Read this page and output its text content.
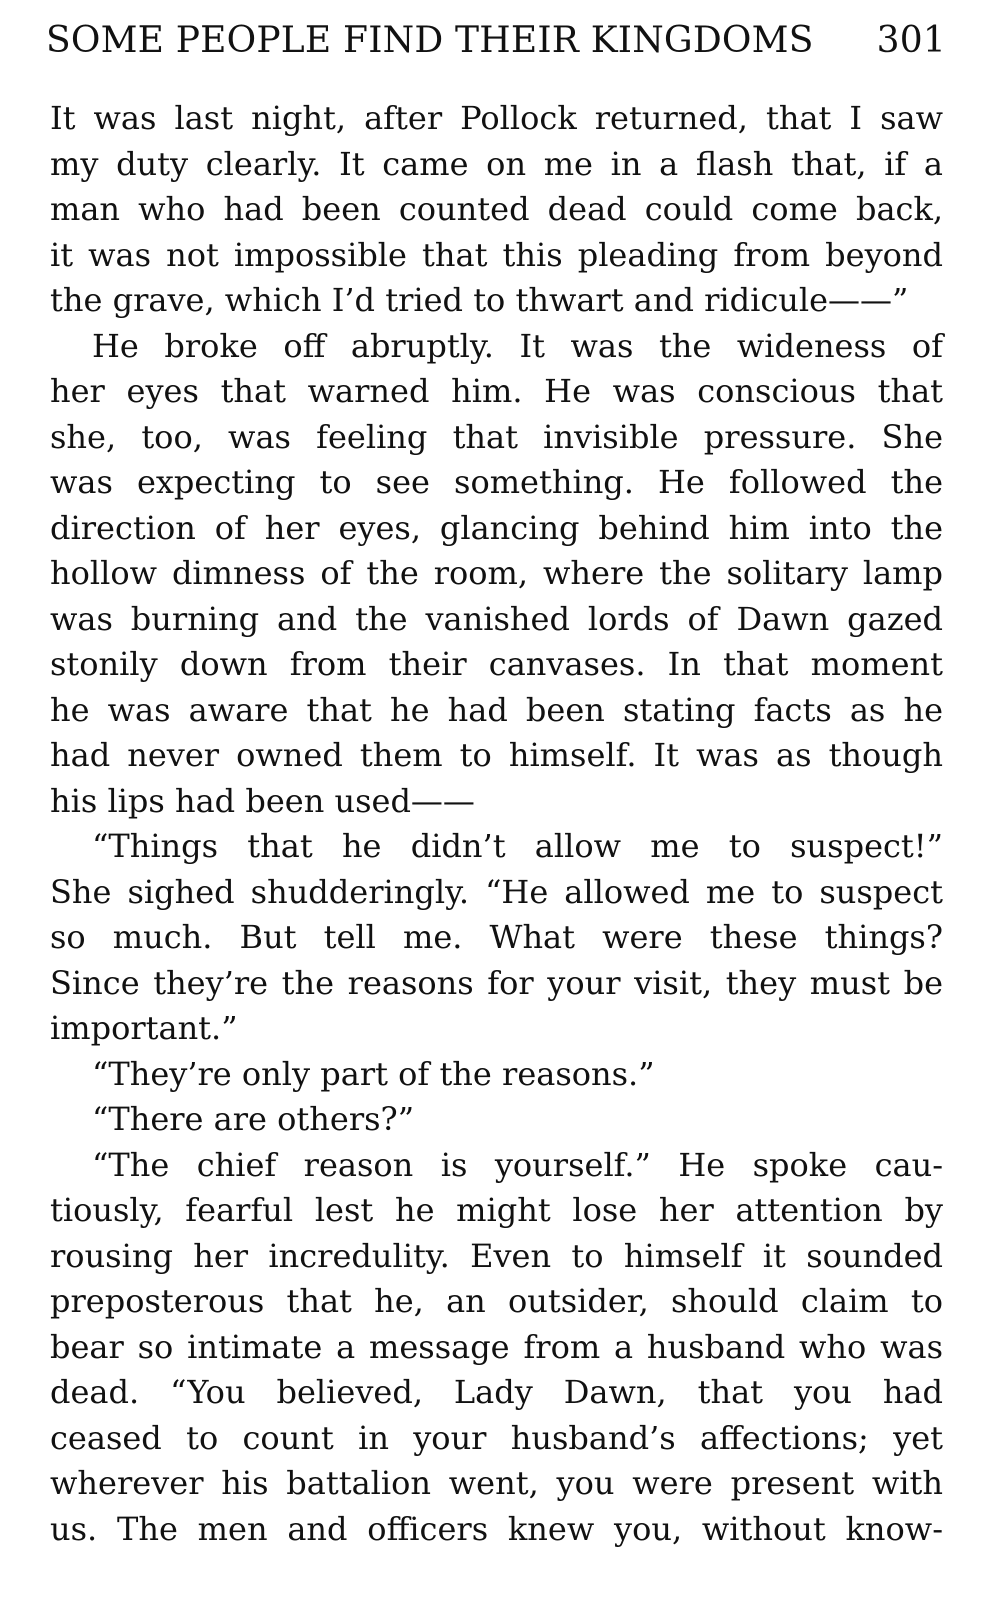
SOME PEOPLE FIND THEIR KINGDOMS 301
It was last night, after Pollock returned, that I saw
my duty clearly. It came on me in a flash that, if a
man who had been counted dead could come back,
it was not impossible that this pleading from beyond
the grave, which I’d tried to thwart and ridicule——”
He broke off abruptly. It was the wideness of
her eyes that warned him. He was conscious that
she, too, was feeling that invisible pressure. She
was expecting to see something. He followed the
direction of her eyes, glancing behind him into the
hollow dimness of the room, where the solitary lamp
was burning and the vanished lords of Dawn gazed
stonily down from their canvases. In that moment
he was aware that he had been stating facts as he
had never owned them to himself. It was as though
his lips had been used——
“Things that he didn’t allow me to suspect!”
She sighed shudderingly. “He allowed me to suspect
so much. But tell me. What were these things?
Since they’re the reasons for your visit, they must be
important.”
“They’re only part of the reasons.”
“There are others?”
“The chief reason is yourself.” He spoke cau-
tiously, fearful lest he might lose her attention by
rousing her incredulity. Even to himself it sounded
preposterous that he, an outsider, should claim to
bear so intimate a message from a husband who was
dead. “You believed, Lady Dawn, that you had
ceased to count in your husband’s affections; yet
wherever his battalion went, you were present with
us. The men and officers knew you, without know-
